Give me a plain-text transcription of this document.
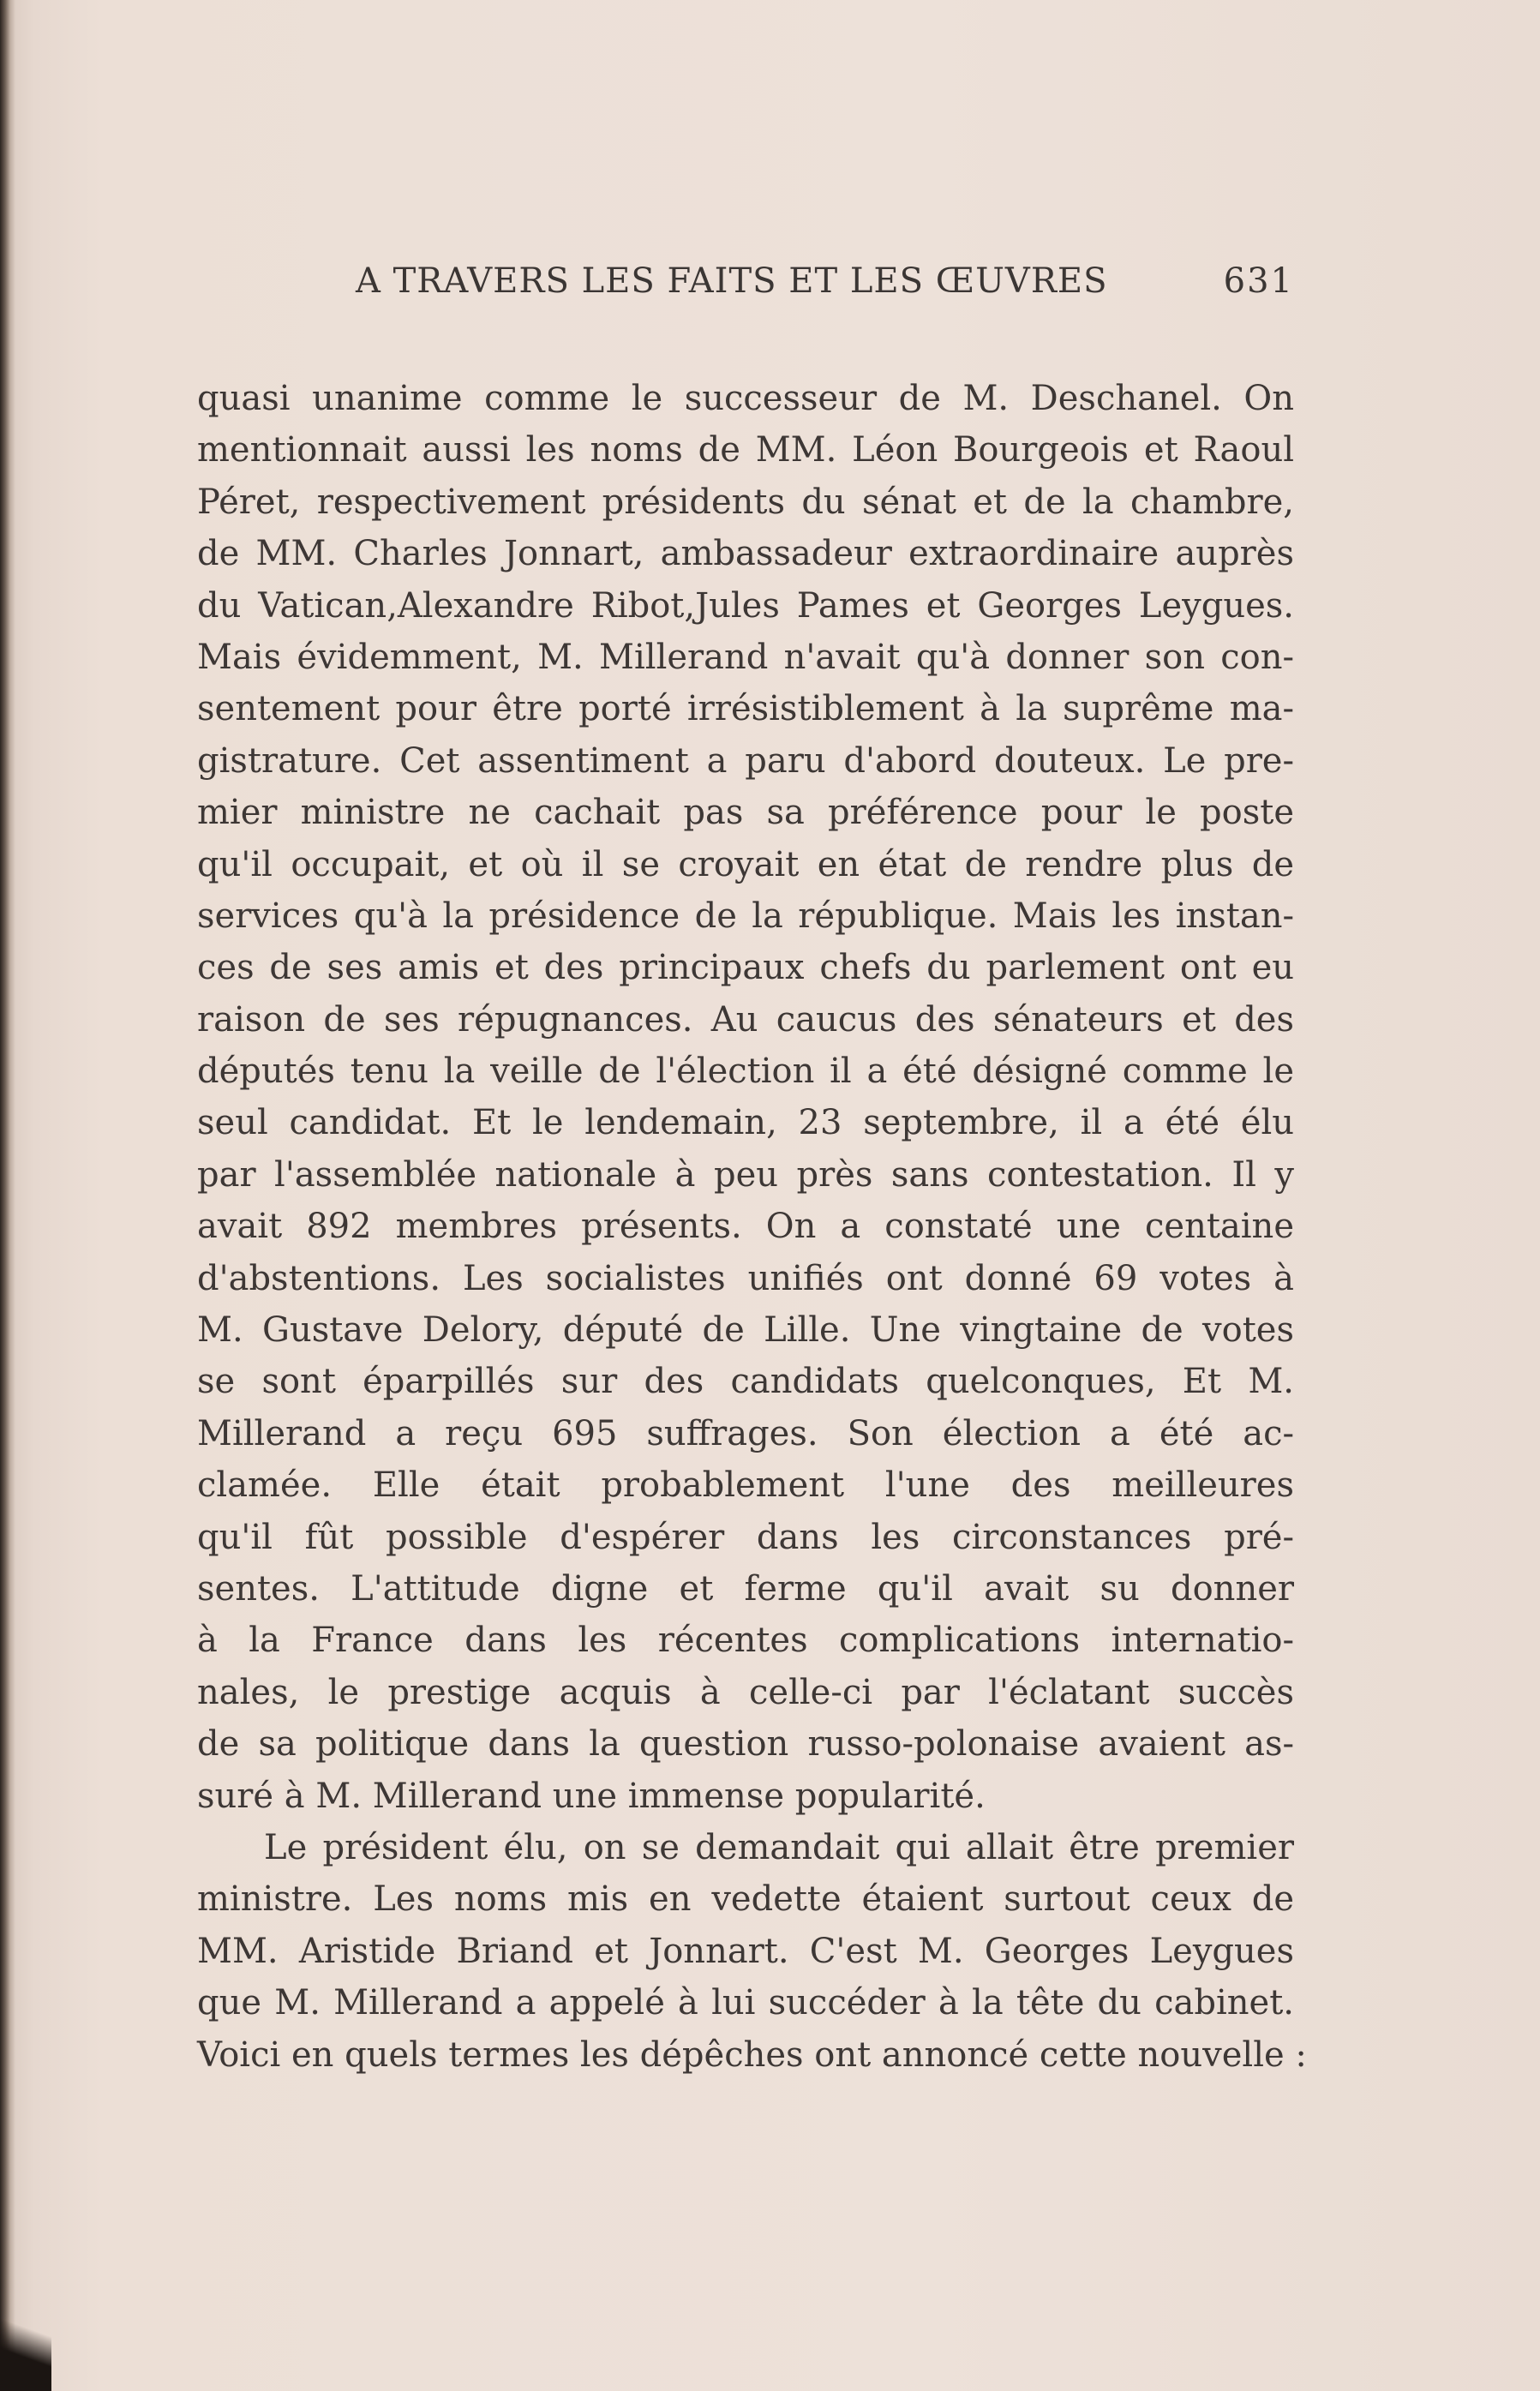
A TRAVERS LES FAITS ET LES ŒUVRES	631
quasi unanime comme le successeur de M. Deschanel. On
mentionnait aussi les noms de MM. Léon Bourgeois et Raoul
Péret, respectivement présidents du sénat et de la chambre,
de MM. Charles Jonnart, ambassadeur extraordinaire auprès
du Vatican,Alexandre Ribot,Jules Pames et Georges Leygues.
Mais évidemment, M. Millerand n'avait qu'à donner son con-
sentement pour être porté irrésistiblement à la suprême ma-
gistrature. Cet assentiment a paru d'abord douteux. Le pre-
mier ministre ne cachait pas sa préférence pour le poste
qu'il occupait, et où il se croyait en état de rendre plus de
services qu'à la présidence de la république. Mais les instan-
ces de ses amis et des principaux chefs du parlement ont eu
raison de ses répugnances. Au caucus des sénateurs et des
députés tenu la veille de l'élection il a été désigné comme le
seul candidat. Et le lendemain, 23 septembre, il a été élu
par l'assemblée nationale à peu près sans contestation. Il y
avait 892 membres présents. On a constaté une centaine
d'abstentions. Les socialistes unifiés ont donné 69 votes à
M. Gustave Delory, député de Lille. Une vingtaine de votes
se sont éparpillés sur des candidats quelconques, Et M.
Millerand a reçu 695 suffrages. Son élection a été ac-
clamée. Elle était probablement l'une des meilleures
qu'il fût possible d'espérer dans les circonstances pré-
sentes. L'attitude digne et ferme qu'il avait su donner
à la France dans les récentes complications internatio-
nales, le prestige acquis à celle-ci par l'éclatant succès
de sa politique dans la question russo-polonaise avaient as-
suré à M. Millerand une immense popularité.
Le président élu, on se demandait qui allait être premier
ministre. Les noms mis en vedette étaient surtout ceux de
MM. Aristide Briand et Jonnart. C'est M. Georges Leygues
que M. Millerand a appelé à lui succéder à la tête du cabinet.
Voici en quels termes les dépêches ont annoncé cette nouvelle :
